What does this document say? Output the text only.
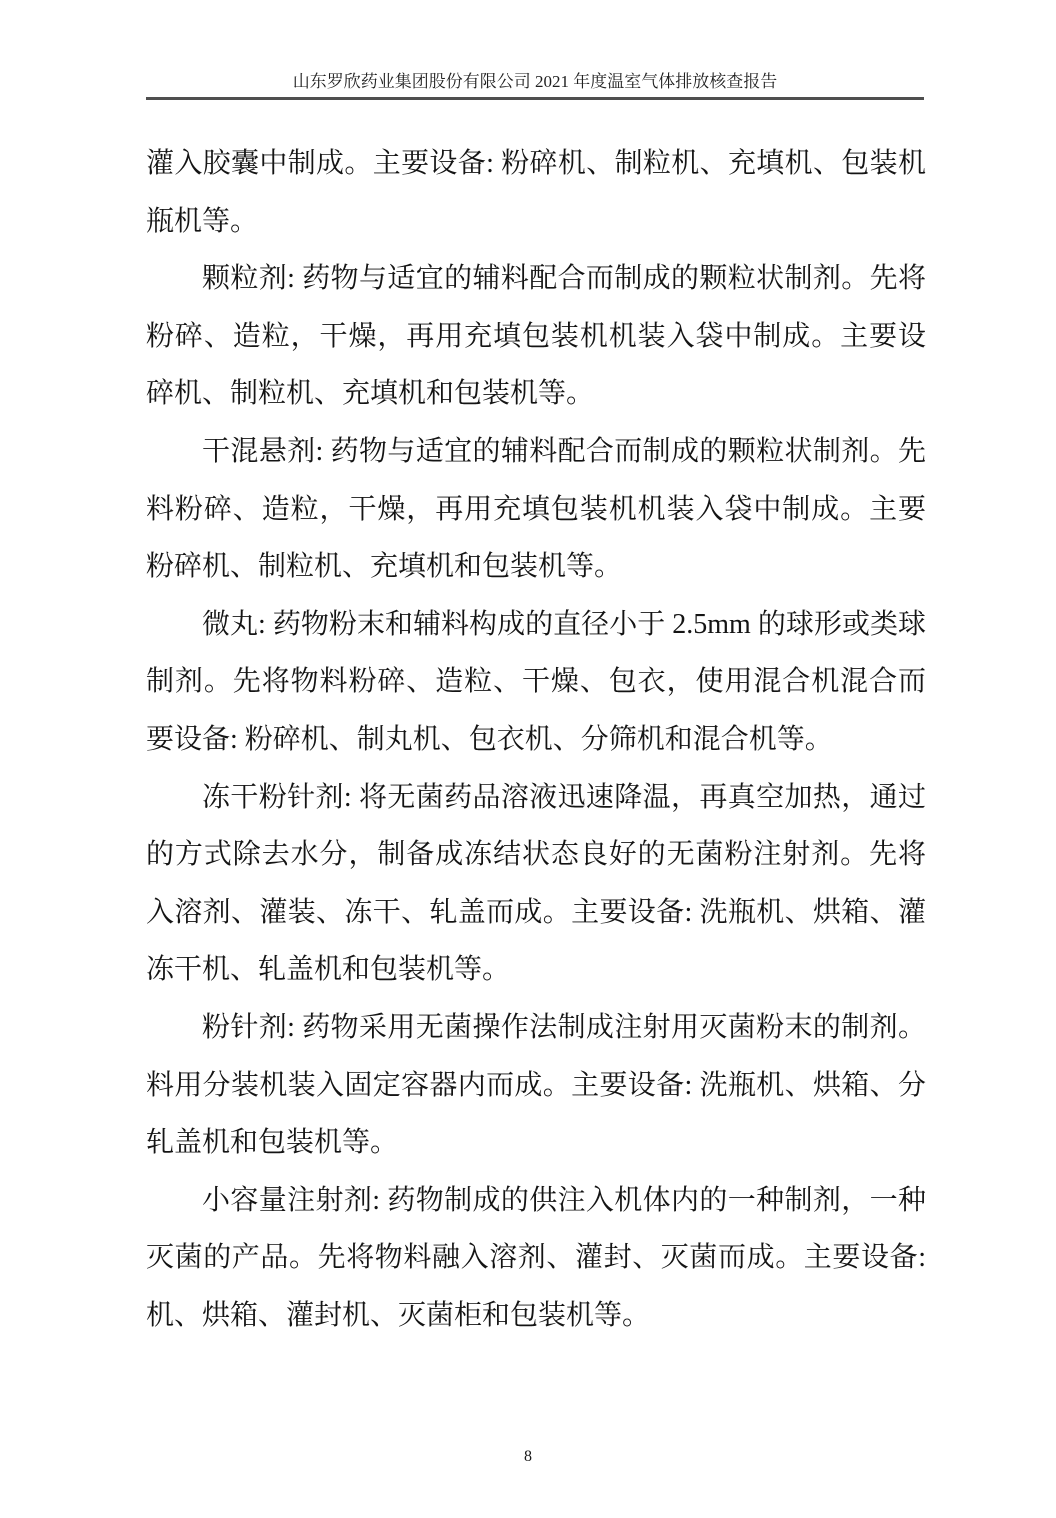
山东罗欣药业集团股份有限公司 2021 年度温室气体排放核查报告
灌入胶囊中制成。主要设备: 粉碎机、制粒机、充填机、包装机
瓶机等。
颗粒剂: 药物与适宜的辅料配合而制成的颗粒状制剂。先将
粉碎、造粒，干燥，再用充填包装机机装入袋中制成。主要设
碎机、制粒机、充填机和包装机等。
干混悬剂: 药物与适宜的辅料配合而制成的颗粒状制剂。先
料粉碎、造粒，干燥，再用充填包装机机装入袋中制成。主要
粉碎机、制粒机、充填机和包装机等。
微丸: 药物粉末和辅料构成的直径小于 2.5mm 的球形或类球
制剂。先将物料粉碎、造粒、干燥、包衣，使用混合机混合而
要设备: 粉碎机、制丸机、包衣机、分筛机和混合机等。
冻干粉针剂: 将无菌药品溶液迅速降温，再真空加热，通过
的方式除去水分，制备成冻结状态良好的无菌粉注射剂。先将
入溶剂、灌装、冻干、轧盖而成。主要设备: 洗瓶机、烘箱、灌
冻干机、轧盖机和包装机等。
粉针剂: 药物采用无菌操作法制成注射用灭菌粉末的制剂。
料用分装机装入固定容器内而成。主要设备: 洗瓶机、烘箱、分
轧盖机和包装机等。
小容量注射剂: 药物制成的供注入机体内的一种制剂，一种
灭菌的产品。先将物料融入溶剂、灌封、灭菌而成。主要设备:
机、烘箱、灌封机、灭菌柜和包装机等。
8
